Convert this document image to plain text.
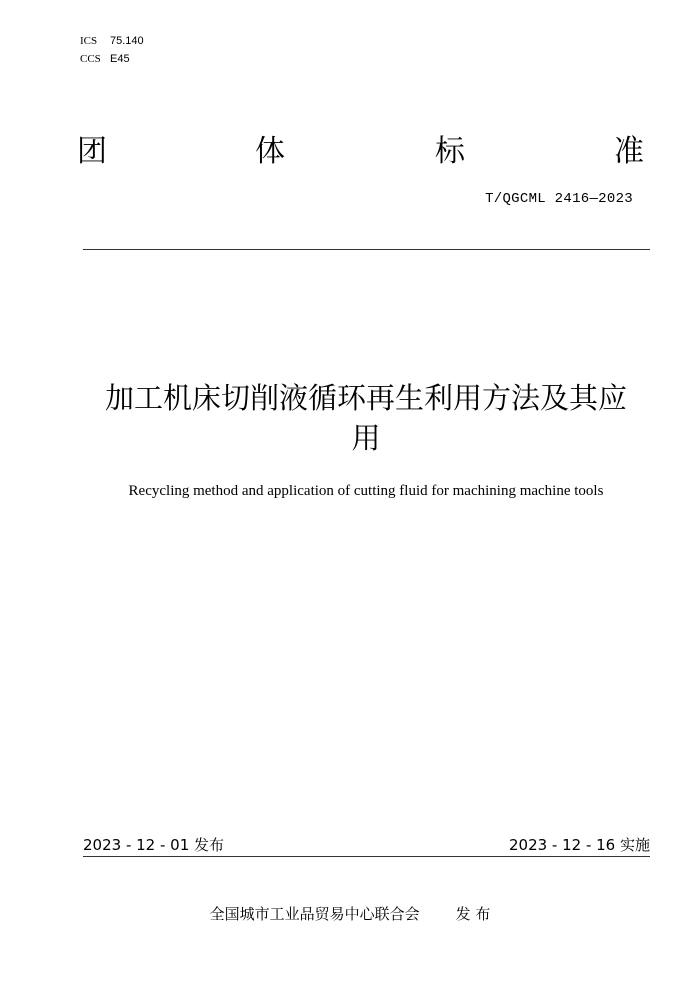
ICS 75.140
CCS E45
团	体	标	准
T/QGCML 2416—2023
加工机床切削液循环再生利用方法及其应
用
Recycling method and application of cutting fluid for machining machine tools
2023 - 12 - 01 发布	2023 - 12 - 16 实施
全国城市工业品贸易中心联合会 发 布
